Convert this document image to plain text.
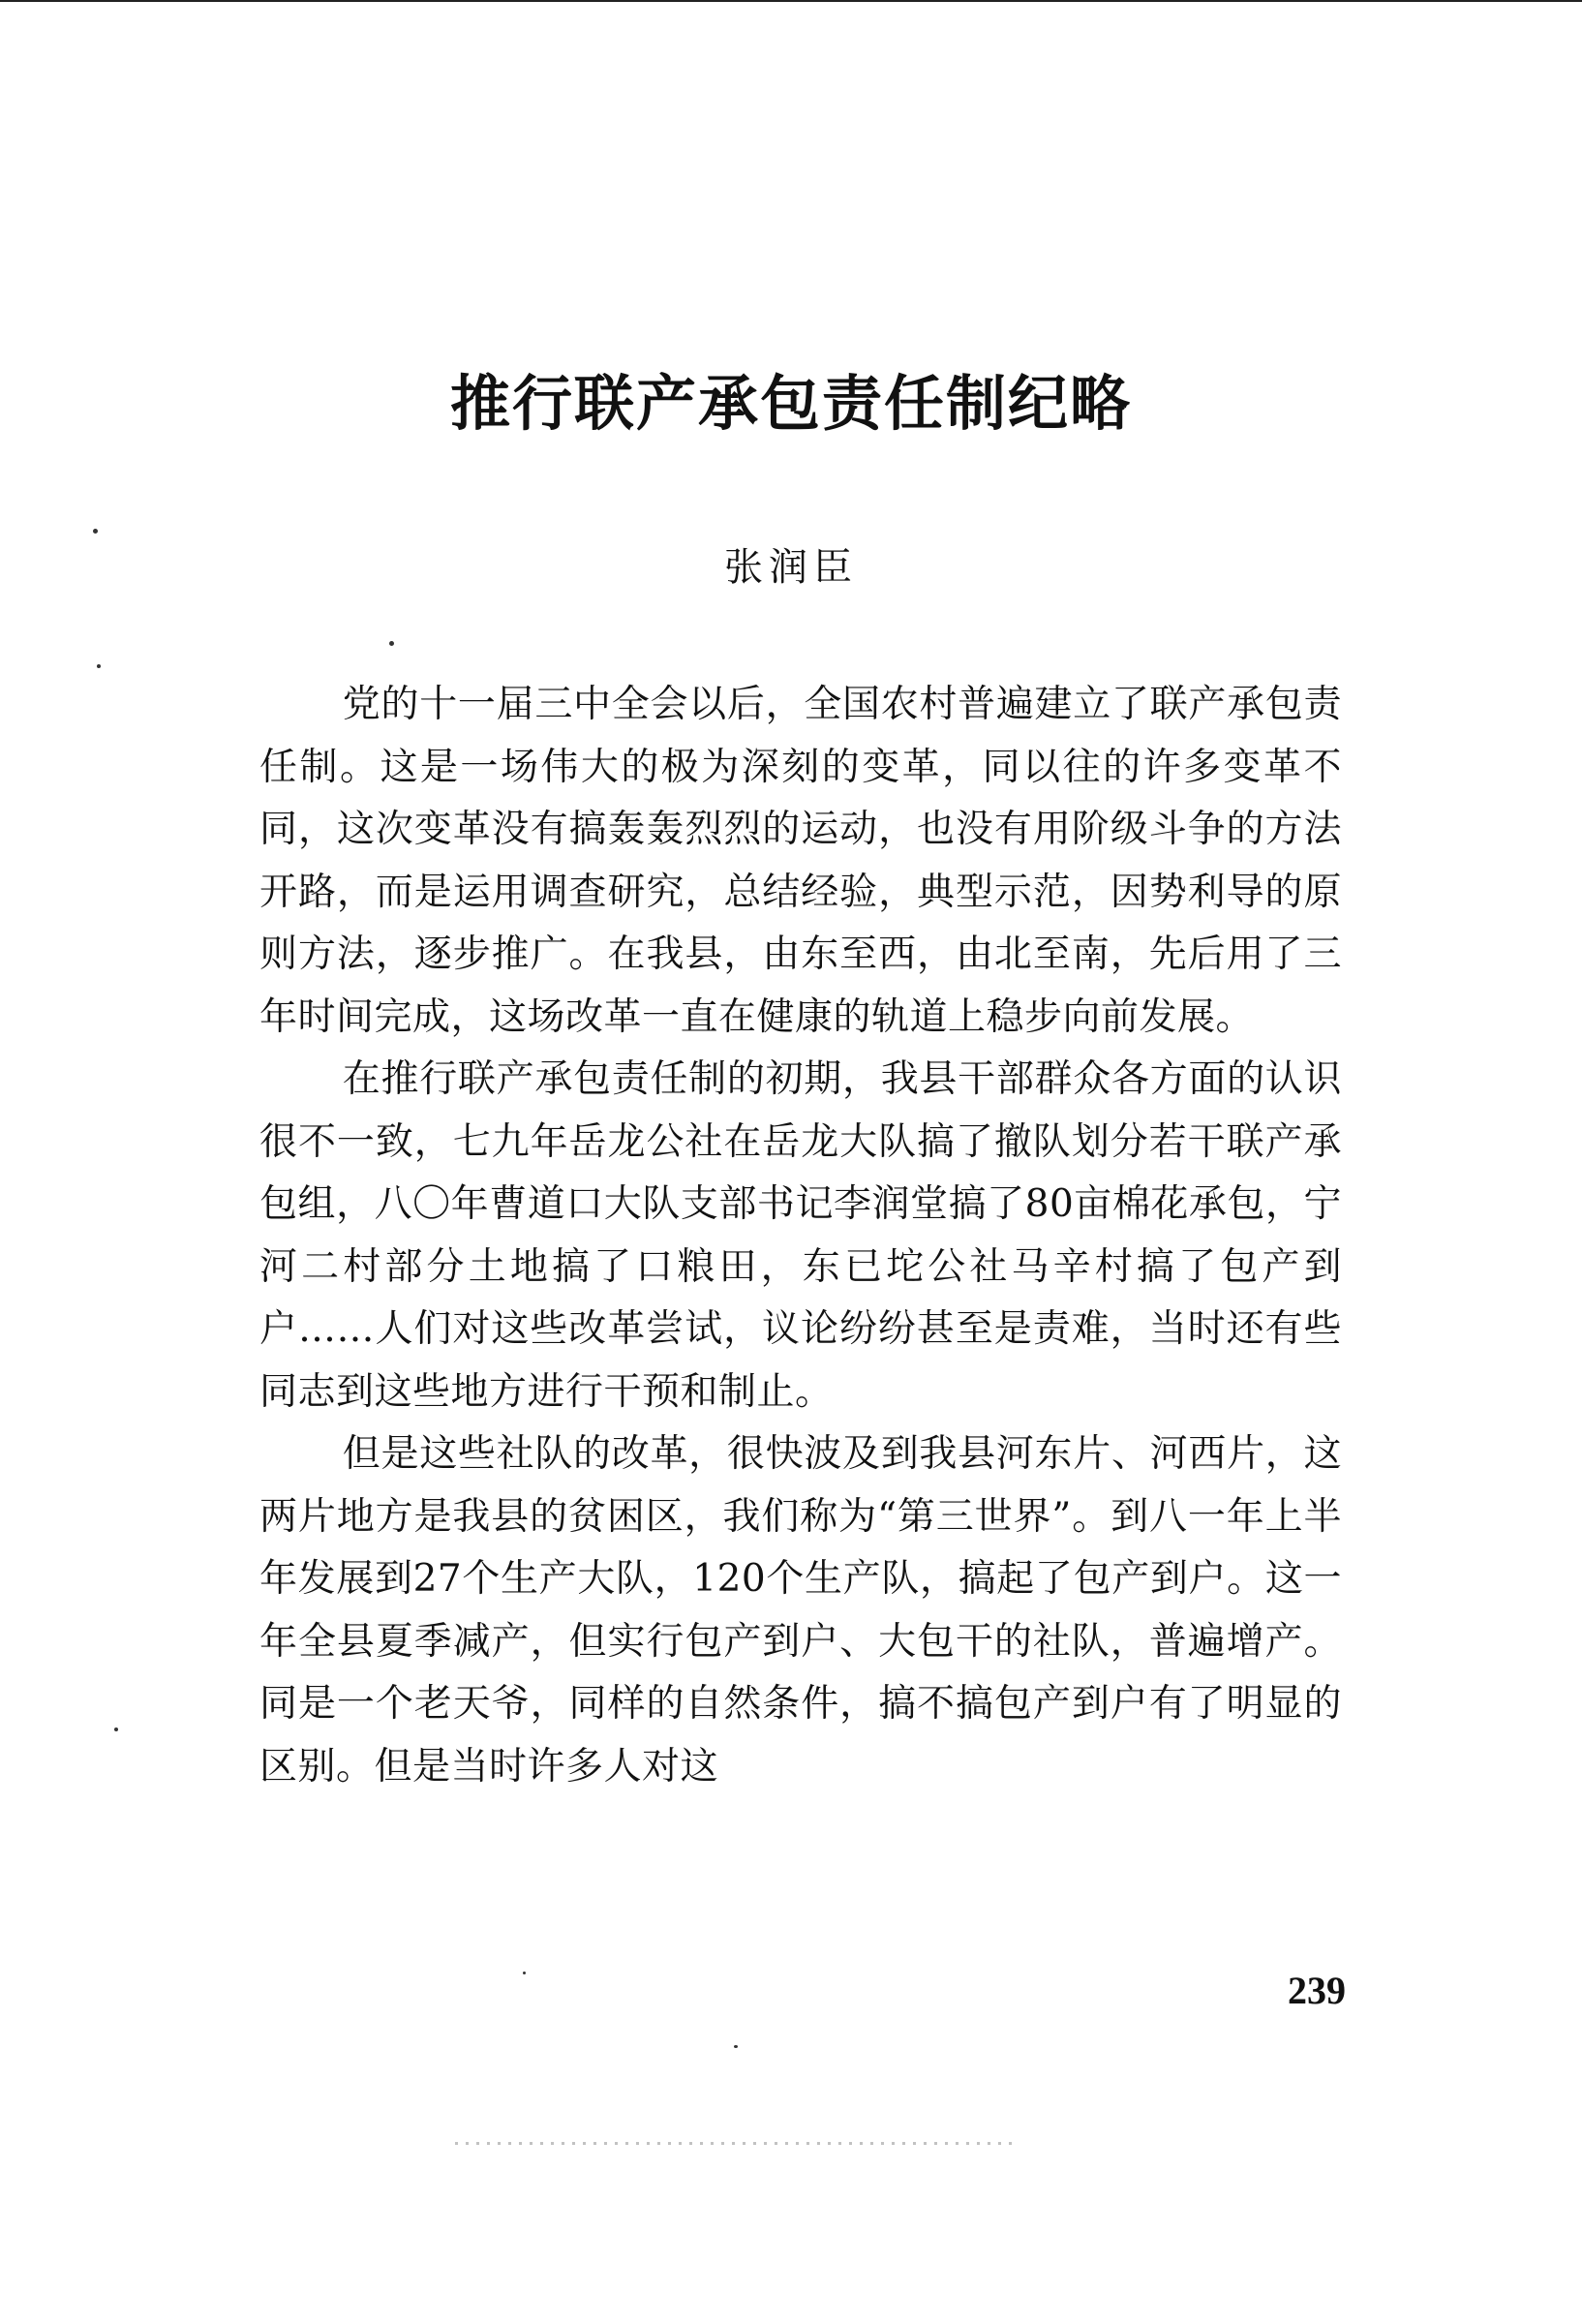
推行联产承包责任制纪略
张润臣

党的十一届三中全会以后，全国农村普遍建立了联产承包责任制。这是一场伟大的极为深刻的变革，同以往的许多变革不同，这次变革没有搞轰轰烈烈的运动，也没有用阶级斗争的方法开路，而是运用调查研究，总结经验，典型示范，因势利导的原则方法，逐步推广。在我县，由东至西，由北至南，先后用了三年时间完成，这场改革一直在健康的轨道上稳步向前发展。

在推行联产承包责任制的初期，我县干部群众各方面的认识很不一致，七九年岳龙公社在岳龙大队搞了撤队划分若干联产承包组，八〇年曹道口大队支部书记李润堂搞了80亩棉花承包，宁河二村部分土地搞了口粮田，东已坨公社马辛村搞了包产到户……人们对这些改革尝试，议论纷纷甚至是责难，当时还有些同志到这些地方进行干预和制止。

但是这些社队的改革，很快波及到我县河东片、河西片，这两片地方是我县的贫困区，我们称为“第三世界”。到八一年上半年发展到27个生产大队，120个生产队，搞起了包产到户。这一年全县夏季减产，但实行包产到户、大包干的社队，普遍增产。同是一个老天爷，同样的自然条件，搞不搞包产到户有了明显的区别。但是当时许多人对这

239
